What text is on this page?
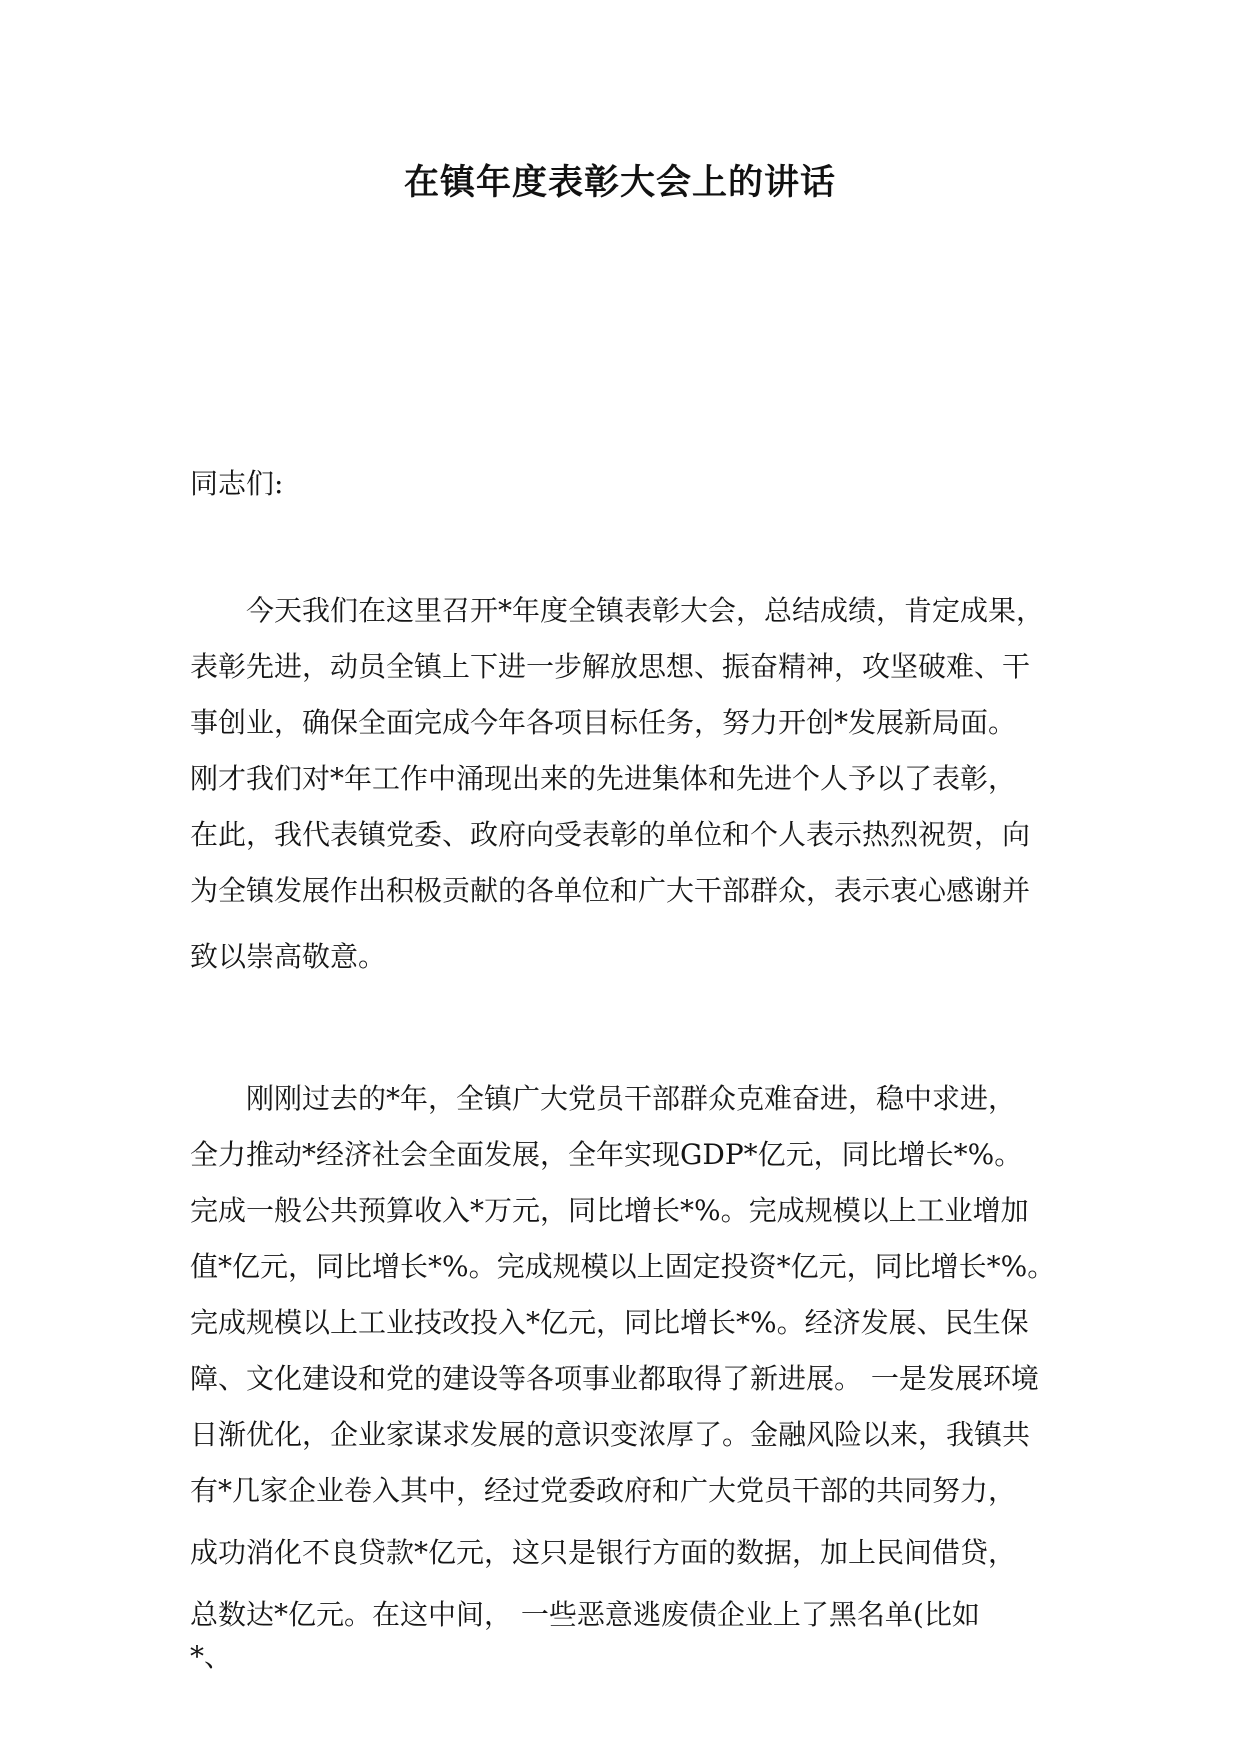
在镇年度表彰大会上的讲话

同志们:

今天我们在这里召开*年度全镇表彰大会，总结成绩，肯定成果，
表彰先进，动员全镇上下进一步解放思想、振奋精神，攻坚破难、干
事创业，确保全面完成今年各项目标任务，努力开创*发展新局面。
刚才我们对*年工作中涌现出来的先进集体和先进个人予以了表彰，
在此，我代表镇党委、政府向受表彰的单位和个人表示热烈祝贺，向
为全镇发展作出积极贡献的各单位和广大干部群众，表示衷心感谢并
致以崇高敬意。
刚刚过去的*年，全镇广大党员干部群众克难奋进，稳中求进，
全力推动*经济社会全面发展，全年实现GDP*亿元，同比增长*%。
完成一般公共预算收入*万元，同比增长*%。完成规模以上工业增加
值*亿元，同比增长*%。完成规模以上固定投资*亿元，同比增长*%。
完成规模以上工业技改投入*亿元，同比增长*%。经济发展、民生保
障、文化建设和党的建设等各项事业都取得了新进展。 一是发展环境
日渐优化，企业家谋求发展的意识变浓厚了。金融风险以来，我镇共
有*几家企业卷入其中，经过党委政府和广大党员干部的共同努力，
成功消化不良贷款*亿元，这只是银行方面的数据，加上民间借贷，
总数达*亿元。在这中间， 一些恶意逃废债企业上了黑名单(比如
*、
